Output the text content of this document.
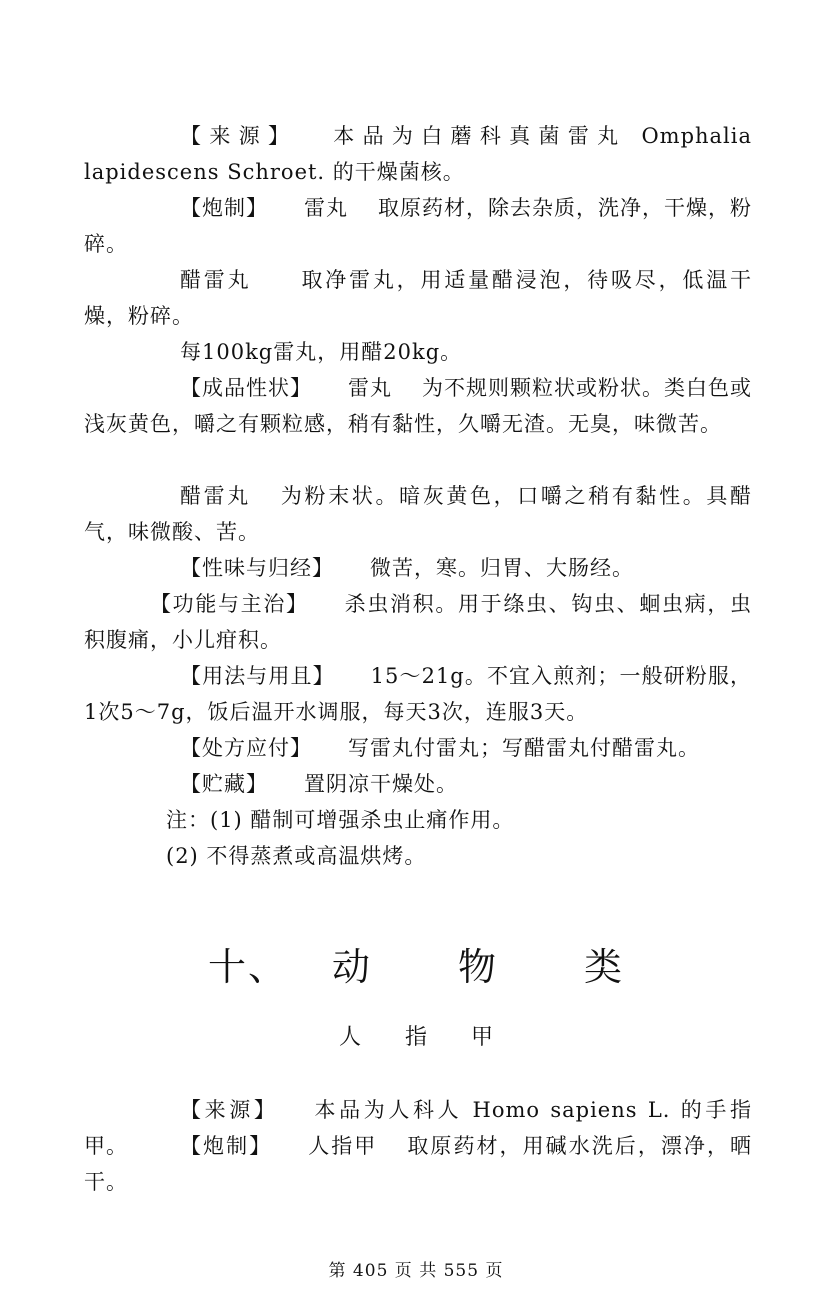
【来源】 本品为白蘑科真菌雷丸 Omphalia lapidescens Schroet. 的干燥菌核。

【炮制】 雷丸 取原药材，除去杂质，洗净，干燥，粉碎。

醋雷丸 取净雷丸，用适量醋浸泡，待吸尽，低温干燥，粉碎。

每100kg雷丸，用醋20kg。

【成品性状】 雷丸 为不规则颗粒状或粉状。类白色或浅灰黄色，嚼之有颗粒感，稍有黏性，久嚼无渣。无臭，味微苦。

醋雷丸 为粉末状。暗灰黄色，口嚼之稍有黏性。具醋气，味微酸、苦。

【性味与归经】 微苦，寒。归胃、大肠经。

【功能与主治】 杀虫消积。用于绦虫、钩虫、蛔虫病，虫积腹痛，小儿疳积。

【用法与用且】 15～21g。不宜入煎剂；一般研粉服，1次5～7g，饭后温开水调服，每天3次，连服3天。

【处方应付】 写雷丸付雷丸；写醋雷丸付醋雷丸。

【贮藏】 置阴凉干燥处。

注：(1) 醋制可增强杀虫止痛作用。

(2) 不得蒸煮或高温烘烤。

十、 动 物 类
人 指 甲

【来源】 本品为人科人 Homo sapiens L. 的手指甲。	【炮制】 人指甲 取原药材，用碱水洗后，漂净，晒干。

第 405 页 共 555 页
